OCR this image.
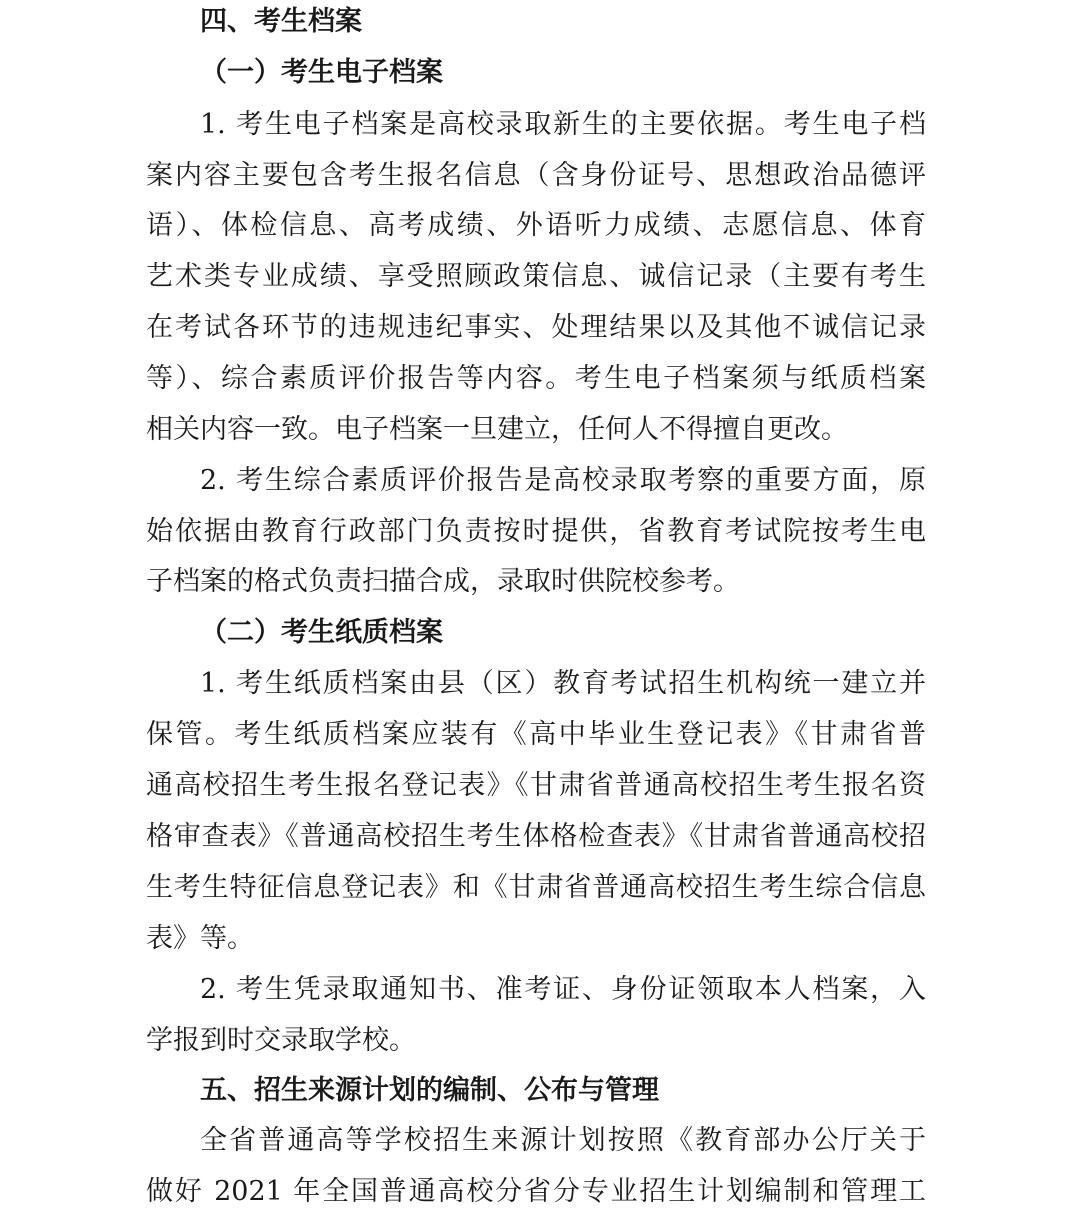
四、考生档案
（一）考生电子档案
1. 考生电子档案是高校录取新生的主要依据。考生电子档
案内容主要包含考生报名信息（含身份证号、思想政治品德评
语）、体检信息、高考成绩、外语听力成绩、志愿信息、体育
艺术类专业成绩、享受照顾政策信息、诚信记录（主要有考生
在考试各环节的违规违纪事实、处理结果以及其他不诚信记录
等）、综合素质评价报告等内容。考生电子档案须与纸质档案
相关内容一致。电子档案一旦建立，任何人不得擅自更改。
2. 考生综合素质评价报告是高校录取考察的重要方面，原
始依据由教育行政部门负责按时提供，省教育考试院按考生电
子档案的格式负责扫描合成，录取时供院校参考。
（二）考生纸质档案
1. 考生纸质档案由县（区）教育考试招生机构统一建立并
保管。考生纸质档案应装有《高中毕业生登记表》《甘肃省普
通高校招生考生报名登记表》《甘肃省普通高校招生考生报名资
格审查表》《普通高校招生考生体格检查表》《甘肃省普通高校招
生考生特征信息登记表》和《甘肃省普通高校招生考生综合信息
表》等。
2. 考生凭录取通知书、准考证、身份证领取本人档案，入
学报到时交录取学校。
五、招生来源计划的编制、公布与管理
全省普通高等学校招生来源计划按照《教育部办公厅关于
做好 2021 年全国普通高校分省分专业招生计划编制和管理工
